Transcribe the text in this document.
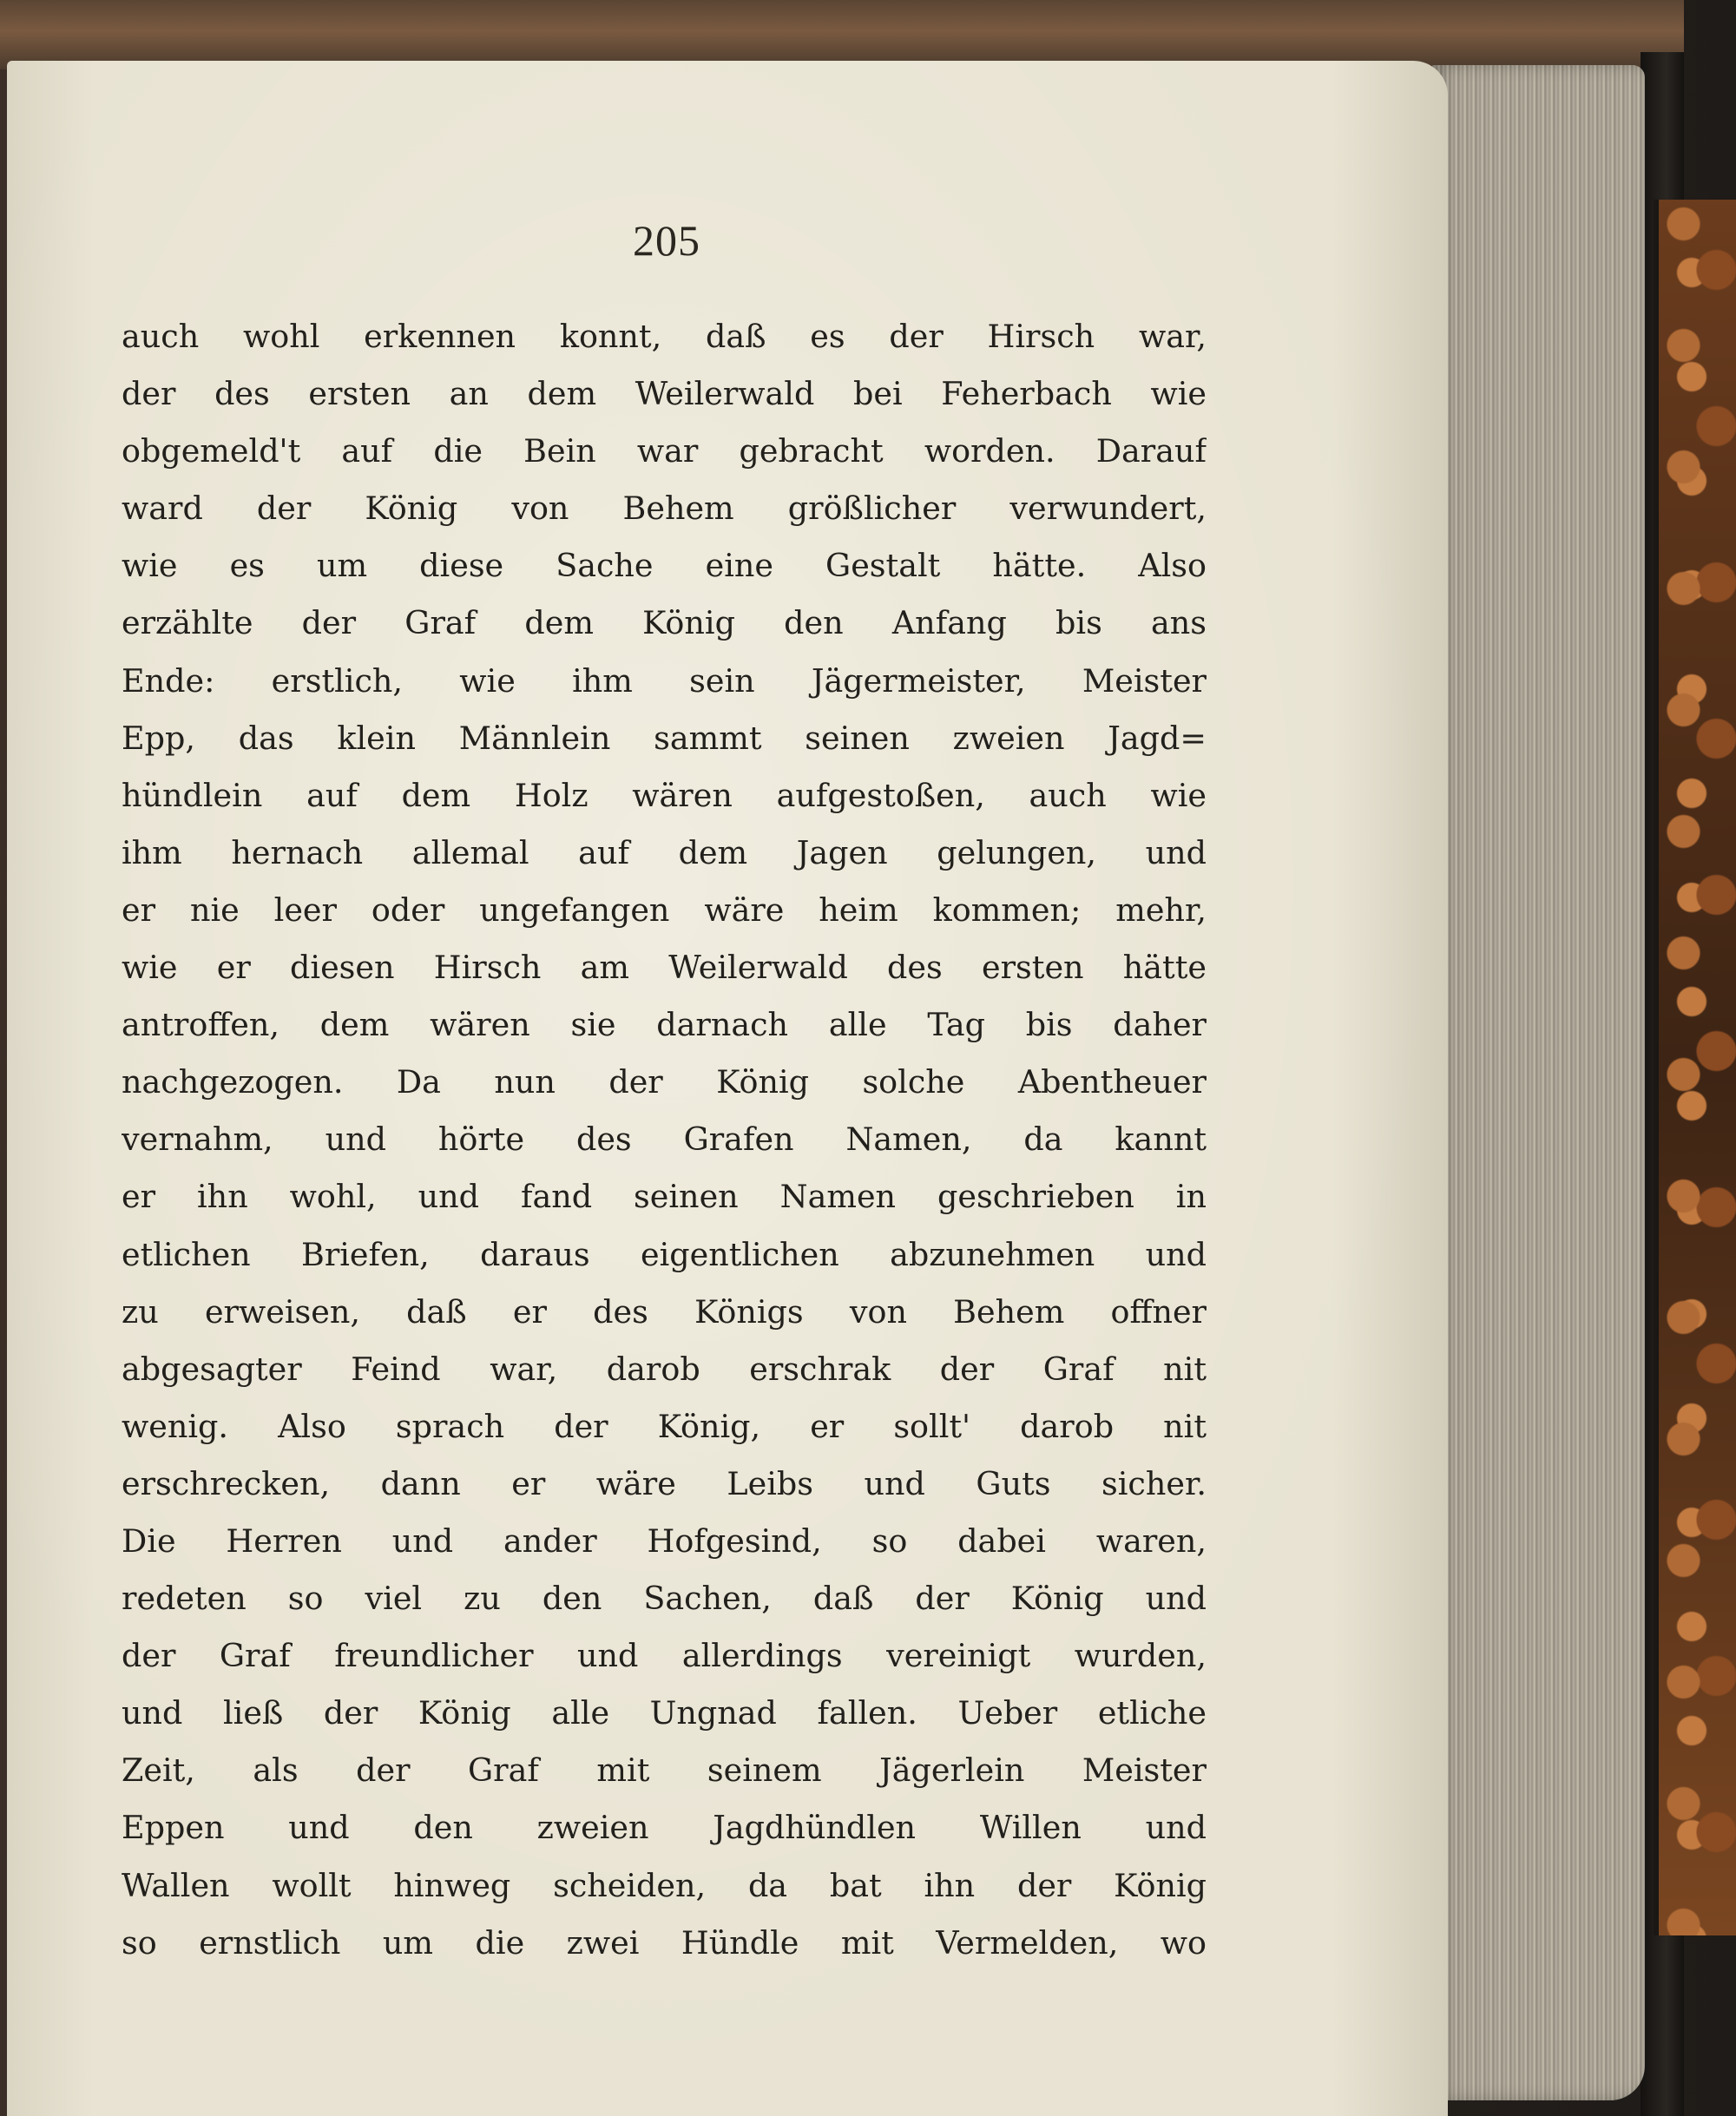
205
auch wohl erkennen konnt, daß es der Hirsch war,
der des ersten an dem Weilerwald bei Feherbach wie
obgemeld't auf die Bein war gebracht worden. Darauf
ward der König von Behem größlicher verwundert,
wie es um diese Sache eine Gestalt hätte. Also
erzählte der Graf dem König den Anfang bis ans
Ende: erstlich, wie ihm sein Jägermeister, Meister
Epp, das klein Männlein sammt seinen zweien Jagd=
hündlein auf dem Holz wären aufgestoßen, auch wie
ihm hernach allemal auf dem Jagen gelungen, und
er nie leer oder ungefangen wäre heim kommen; mehr,
wie er diesen Hirsch am Weilerwald des ersten hätte
antroffen, dem wären sie darnach alle Tag bis daher
nachgezogen. Da nun der König solche Abentheuer
vernahm, und hörte des Grafen Namen, da kannt
er ihn wohl, und fand seinen Namen geschrieben in
etlichen Briefen, daraus eigentlichen abzunehmen und
zu erweisen, daß er des Königs von Behem offner
abgesagter Feind war, darob erschrak der Graf nit
wenig. Also sprach der König, er sollt' darob nit
erschrecken, dann er wäre Leibs und Guts sicher.
Die Herren und ander Hofgesind, so dabei waren,
redeten so viel zu den Sachen, daß der König und
der Graf freundlicher und allerdings vereinigt wurden,
und ließ der König alle Ungnad fallen. Ueber etliche
Zeit, als der Graf mit seinem Jägerlein Meister
Eppen und den zweien Jagdhündlen Willen und
Wallen wollt hinweg scheiden, da bat ihn der König
so ernstlich um die zwei Hündle mit Vermelden, wo
